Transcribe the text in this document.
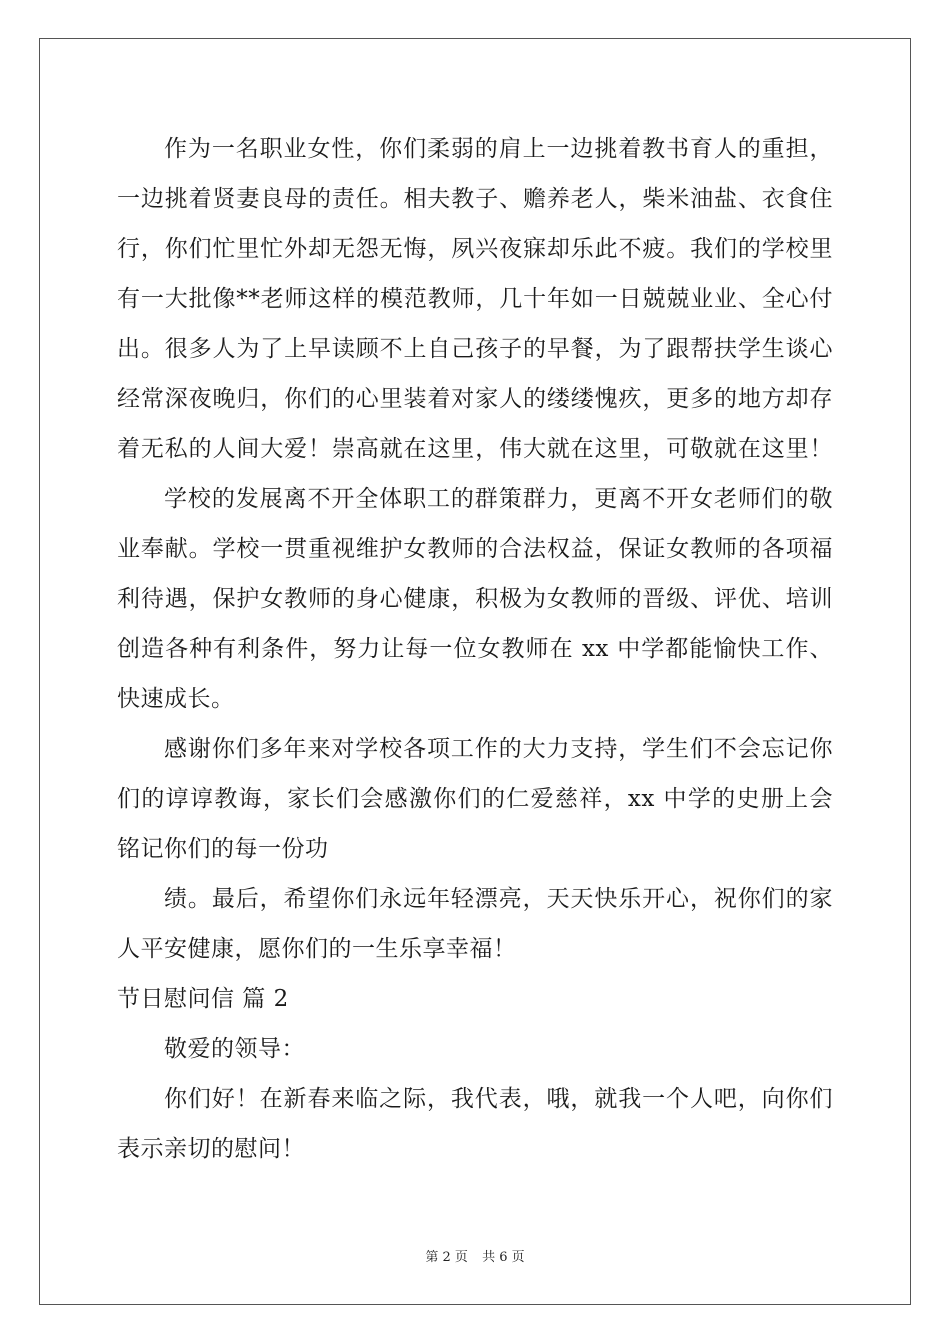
作为一名职业女性，你们柔弱的肩上一边挑着教书育人的重担，
一边挑着贤妻良母的责任。相夫教子、赡养老人，柴米油盐、衣食住
行，你们忙里忙外却无怨无悔，夙兴夜寐却乐此不疲。我们的学校里
有一大批像**老师这样的模范教师，几十年如一日兢兢业业、全心付
出。很多人为了上早读顾不上自己孩子的早餐，为了跟帮扶学生谈心
经常深夜晚归，你们的心里装着对家人的缕缕愧疚，更多的地方却存
着无私的人间大爱！崇高就在这里，伟大就在这里，可敬就在这里！
学校的发展离不开全体职工的群策群力，更离不开女老师们的敬
业奉献。学校一贯重视维护女教师的合法权益，保证女教师的各项福
利待遇，保护女教师的身心健康，积极为女教师的晋级、评优、培训
创造各种有利条件，努力让每一位女教师在 xx 中学都能愉快工作、
快速成长。
感谢你们多年来对学校各项工作的大力支持，学生们不会忘记你
们的谆谆教诲，家长们会感激你们的仁爱慈祥，xx 中学的史册上会
铭记你们的每一份功
绩。最后，希望你们永远年轻漂亮，天天快乐开心，祝你们的家
人平安健康，愿你们的一生乐享幸福！
节日慰问信 篇 2
敬爱的领导：
你们好！在新春来临之际，我代表，哦，就我一个人吧，向你们
表示亲切的慰问！
第 2 页 共 6 页
